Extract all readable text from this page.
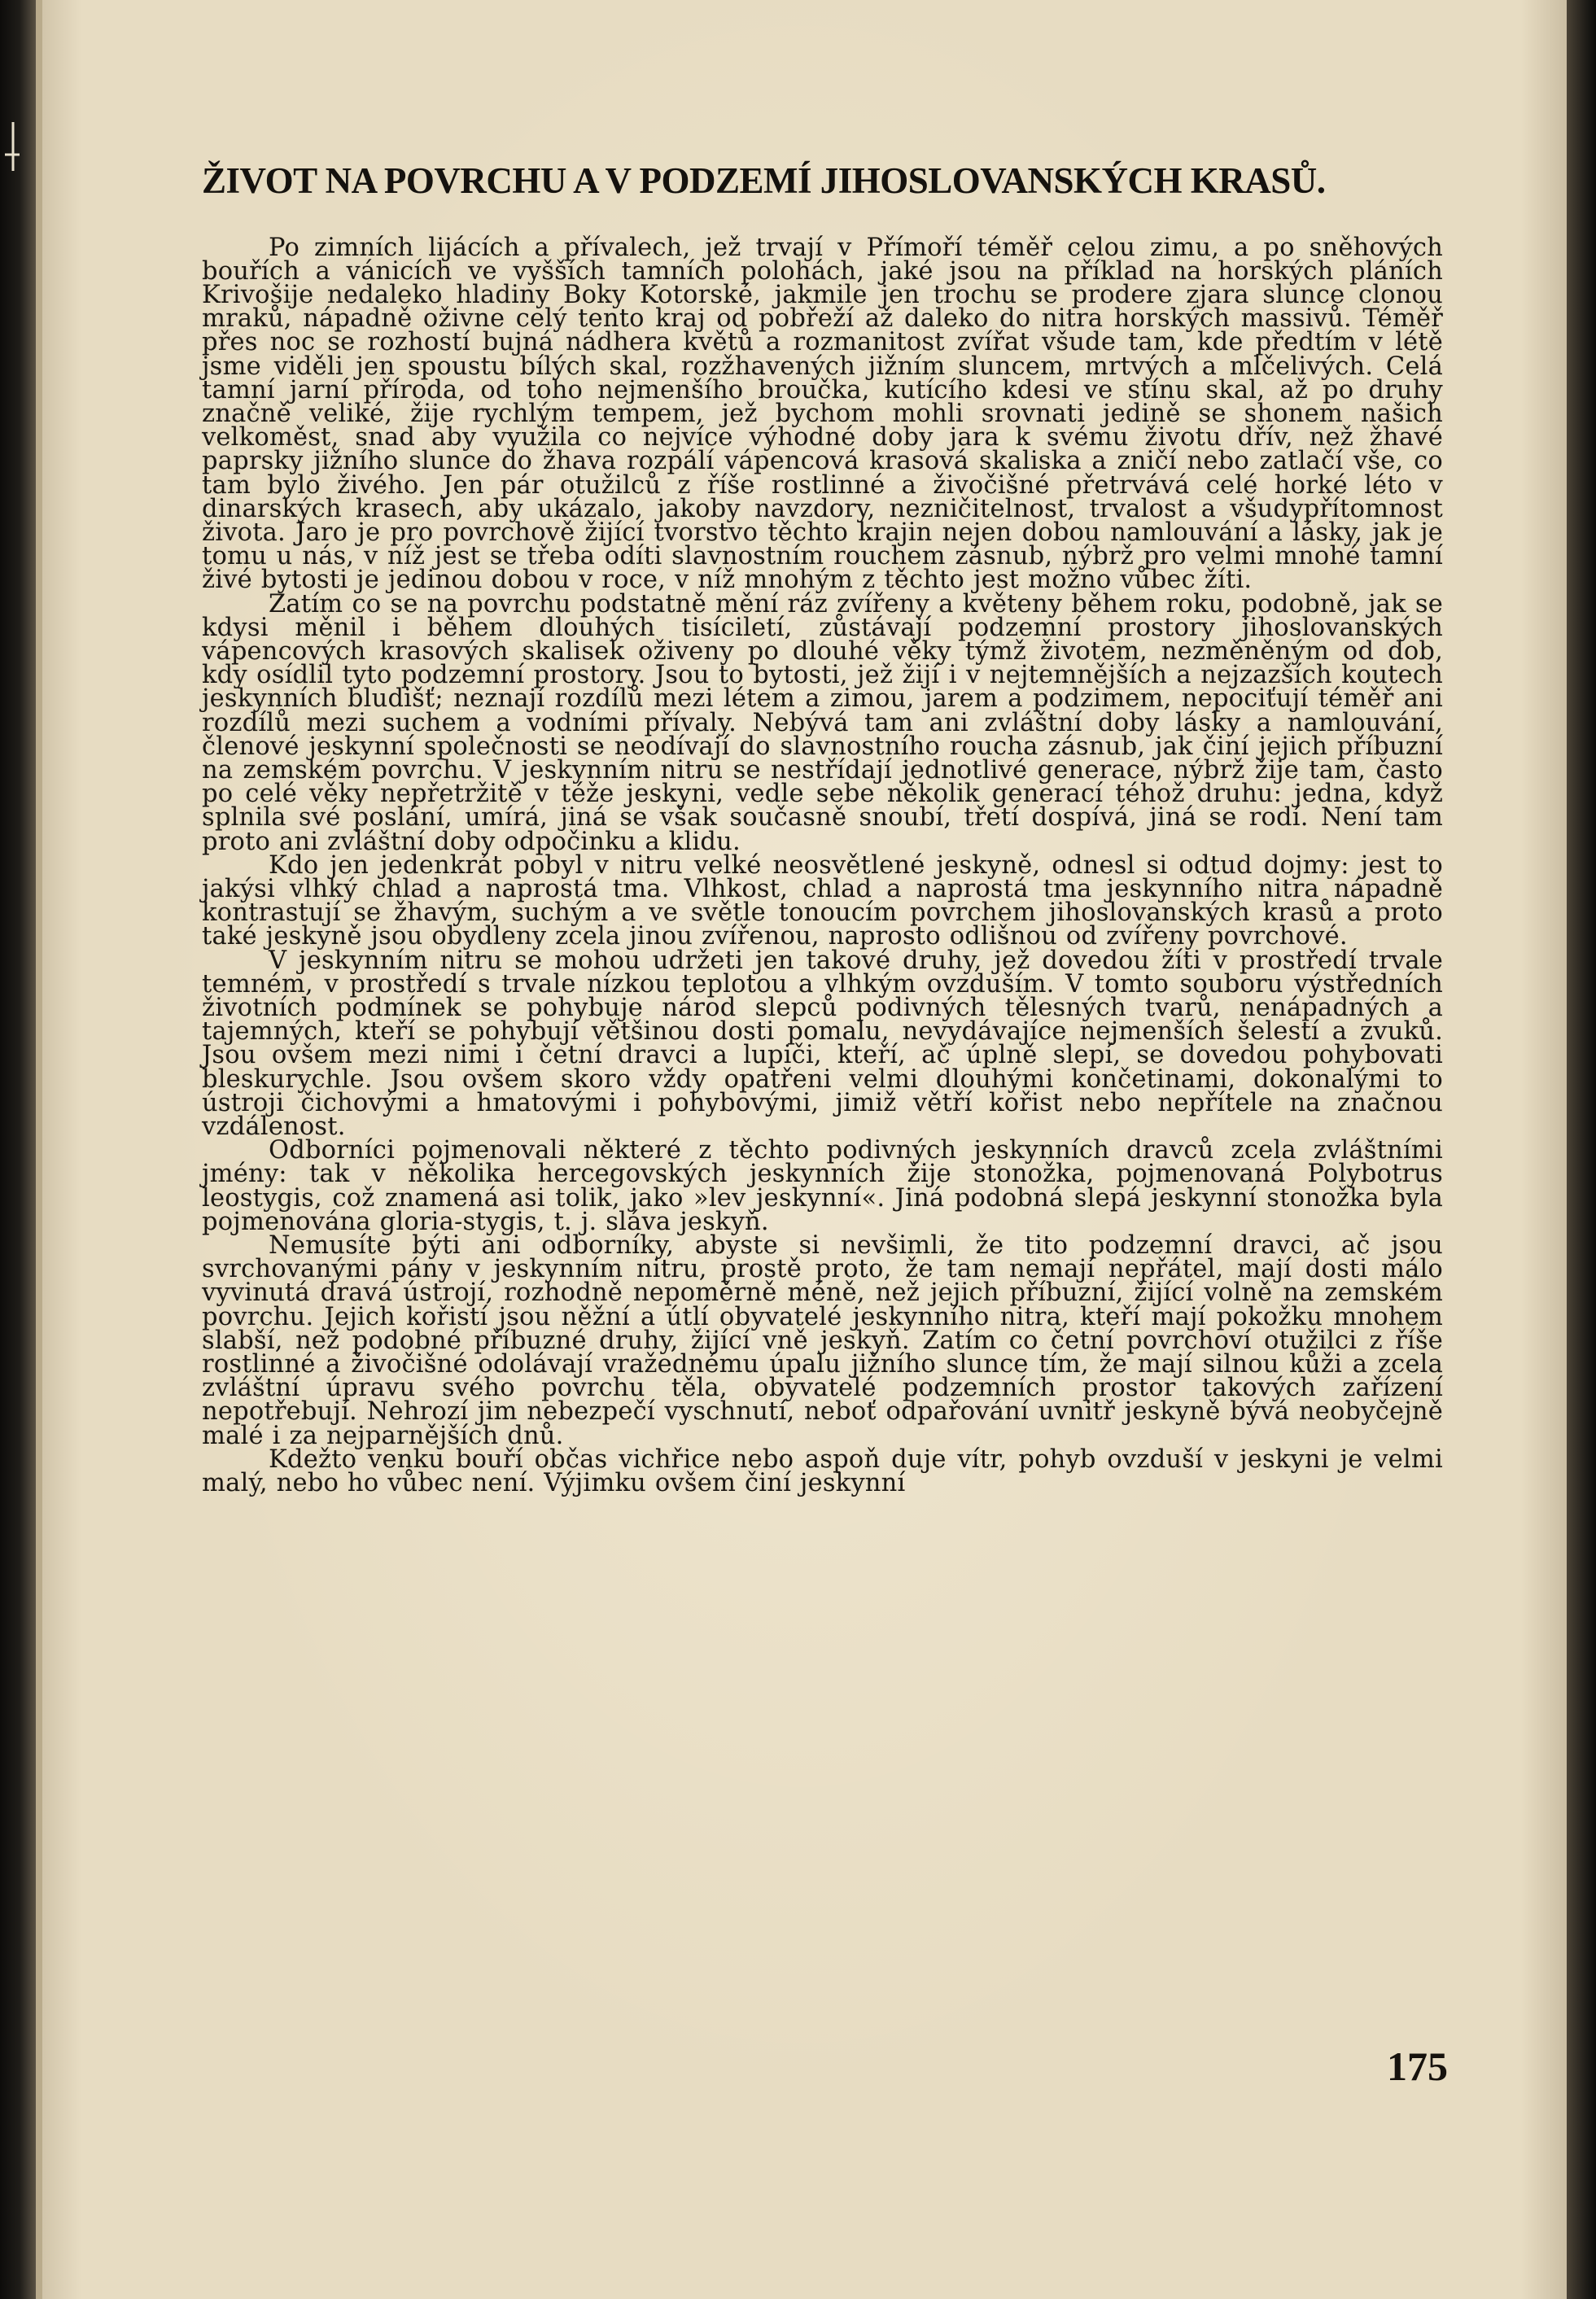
ŽIVOT NA POVRCHU A V PODZEMÍ JIHOSLOVANSKÝCH KRASŮ.

Po zimních lijácích a přívalech, jež trvají v Přímoří téměř celou zimu, a po sněhových bouřích a vánicích ve vyšších tamních polohách, jaké jsou na příklad na horských pláních Krivošije nedaleko hladiny Boky Kotorské, jakmile jen trochu se prodere zjara slunce clonou mraků, nápadně oživne celý tento kraj od pobřeží až daleko do nitra horských massivů. Téměř přes noc se rozhostí bujná nádhera květů a rozmanitost zvířat všude tam, kde předtím v létě jsme viděli jen spoustu bílých skal, rozžhavených jižním sluncem, mrtvých a mlčelivých. Celá tamní jarní příroda, od toho nejmenšího broučka, kutícího kdesi ve stínu skal, až po druhy značně veliké, žije rychlým tempem, jež bychom mohli srovnati jedině se shonem našich velkoměst, snad aby využila co nejvíce výhodné doby jara k svému životu dřív, než žhavé paprsky jižního slunce do žhava rozpálí vápencová krasová skaliska a zničí nebo zatlačí vše, co tam bylo živého. Jen pár otužilců z říše rostlinné a živočišné přetrvává celé horké léto v dinarských krasech, aby ukázalo, jakoby navzdory, nezničitelnost, trvalost a všudypřítomnost života. Jaro je pro povrchově žijící tvorstvo těchto krajin nejen dobou namlouvání a lásky, jak je tomu u nás, v níž jest se třeba odíti slavnostním rouchem zásnub, nýbrž pro velmi mnohé tamní živé bytosti je jedinou dobou v roce, v níž mnohým z těchto jest možno vůbec žíti.

Zatím co se na povrchu podstatně mění ráz zvířeny a květeny během roku, podobně, jak se kdysi měnil i během dlouhých tisíciletí, zůstávají podzemní prostory jihoslovanských vápencových krasových skalisek oživeny po dlouhé věky týmž životem, nezměněným od dob, kdy osídlil tyto podzemní prostory. Jsou to bytosti, jež žijí i v nejtemnějších a nejzazších koutech jeskynních bludišť; neznají rozdílů mezi létem a zimou, jarem a podzimem, nepociťují téměř ani rozdílů mezi suchem a vodními přívaly. Nebývá tam ani zvláštní doby lásky a namlouvání, členové jeskynní společnosti se neodívají do slavnostního roucha zásnub, jak činí jejich příbuzní na zemském povrchu. V jeskynním nitru se nestřídají jednotlivé generace, nýbrž žije tam, často po celé věky nepřetržitě v téže jeskyni, vedle sebe několik generací téhož druhu: jedna, když splnila své poslání, umírá, jiná se však současně snoubí, třetí dospívá, jiná se rodí. Není tam proto ani zvláštní doby odpočinku a klidu.

Kdo jen jedenkrát pobyl v nitru velké neosvětlené jeskyně, odnesl si odtud dojmy: jest to jakýsi vlhký chlad a naprostá tma. Vlhkost, chlad a naprostá tma jeskynního nitra nápadně kontrastují se žhavým, suchým a ve světle tonoucím povrchem jihoslovanských krasů a proto také jeskyně jsou obydleny zcela jinou zvířenou, naprosto odlišnou od zvířeny povrchové.

V jeskynním nitru se mohou udržeti jen takové druhy, jež dovedou žíti v prostředí trvale temném, v prostředí s trvale nízkou teplotou a vlhkým ovzduším. V tomto souboru výstředních životních podmínek se pohybuje národ slepců podivných tělesných tvarů, nenápadných a tajemných, kteří se pohybují většinou dosti pomalu, nevydávajíce nejmenších šelestí a zvuků. Jsou ovšem mezi nimi i četní dravci a lupiči, kteří, ač úplně slepí, se dovedou pohybovati bleskurychle. Jsou ovšem skoro vždy opatřeni velmi dlouhými končetinami, dokonalými to ústroji čichovými a hmatovými i pohybovými, jimiž větří kořist nebo nepřítele na značnou vzdálenost.

Odborníci pojmenovali některé z těchto podivných jeskynních dravců zcela zvláštními jmény: tak v několika hercegovských jeskynních žije stonožka, pojmenovaná Polybotrus leostygis, což znamená asi tolik, jako »lev jeskynní«. Jiná podobná slepá jeskynní stonožka byla pojmenována gloria-stygis, t. j. sláva jeskyň.

Nemusíte býti ani odborníky, abyste si nevšimli, že tito podzemní dravci, ač jsou svrchovanými pány v jeskynním nitru, prostě proto, že tam nemají nepřátel, mají dosti málo vyvinutá dravá ústrojí, rozhodně nepoměrně méně, než jejich příbuzní, žijící volně na zemském povrchu. Jejich kořistí jsou něžní a útlí obyvatelé jeskynního nitra, kteří mají pokožku mnohem slabší, než podobné příbuzné druhy, žijící vně jeskyň. Zatím co četní povrchoví otužilci z říše rostlinné a živočišné odolávají vražednému úpalu jižního slunce tím, že mají silnou kůži a zcela zvláštní úpravu svého povrchu těla, obyvatelé podzemních prostor takových zařízení nepotřebují. Nehrozí jim nebezpečí vyschnutí, neboť odpařování uvnitř jeskyně bývá neobyčejně malé i za nejparnějších dnů.

Kdežto venku bouří občas vichřice nebo aspoň duje vítr, pohyb ovzduší v jeskyni je velmi malý, nebo ho vůbec není. Výjimku ovšem činí jeskynní

175
